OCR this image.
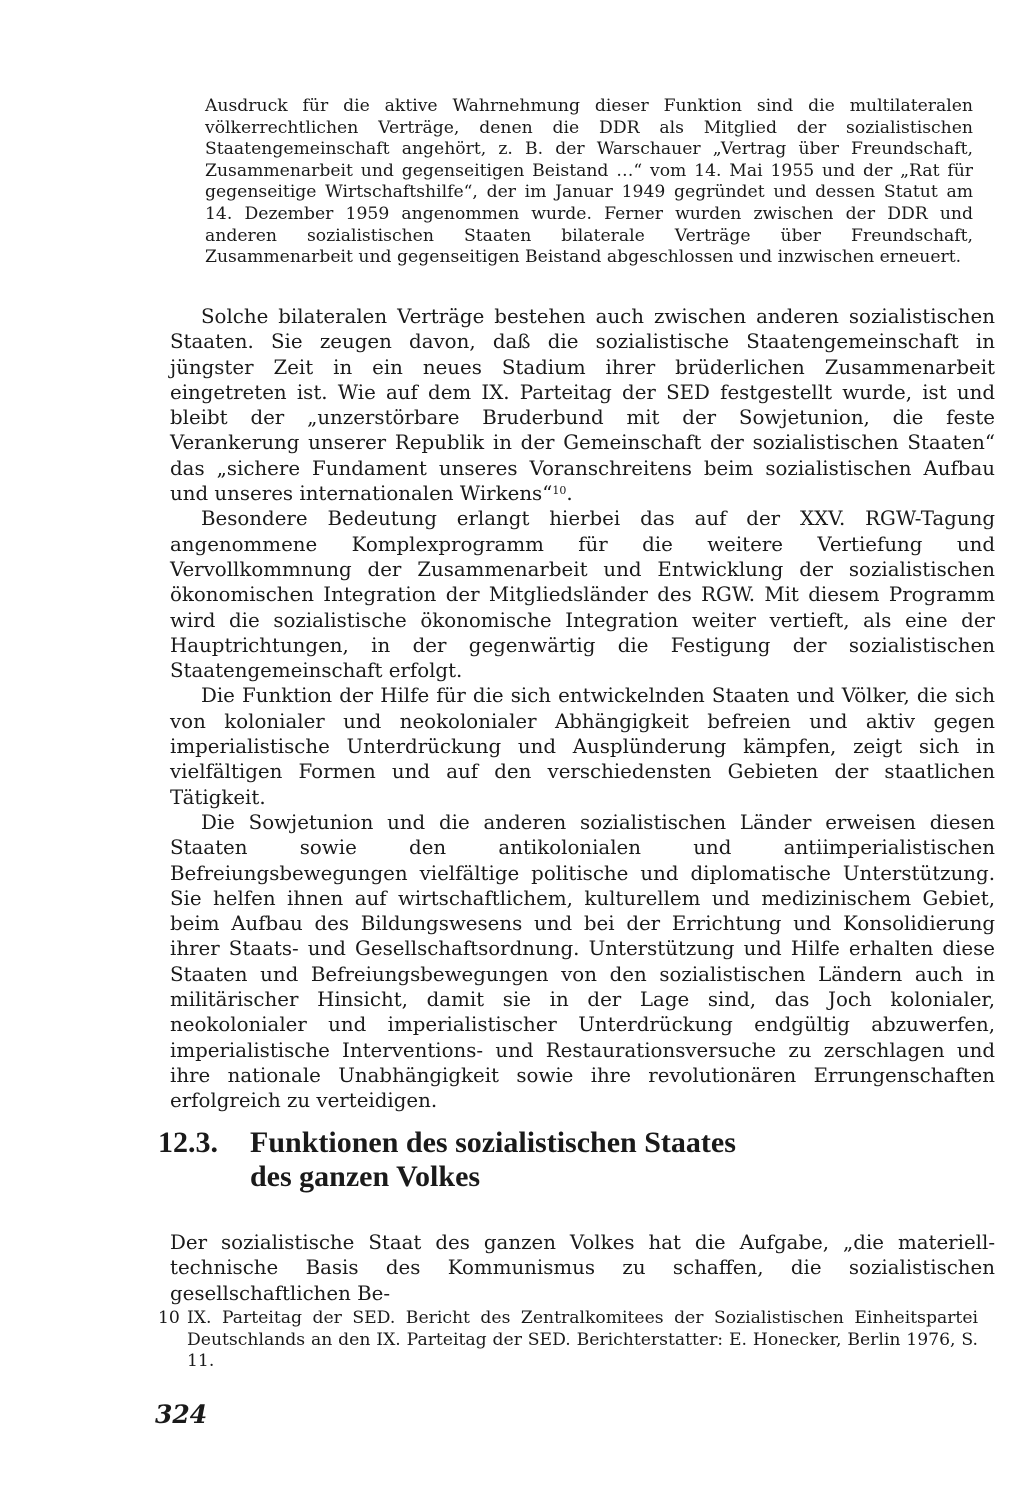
Ausdruck für die aktive Wahrnehmung dieser Funktion sind die multilateralen völkerrechtlichen Verträge, denen die DDR als Mitglied der sozialistischen Staatengemeinschaft angehört, z. B. der Warschauer „Vertrag über Freundschaft, Zusammenarbeit und gegenseitigen Beistand …“ vom 14. Mai 1955 und der „Rat für gegenseitige Wirtschaftshilfe“, der im Januar 1949 gegründet und dessen Statut am 14. Dezember 1959 angenommen wurde. Ferner wurden zwischen der DDR und anderen sozialistischen Staaten bilaterale Verträge über Freundschaft, Zusammenarbeit und gegenseitigen Beistand abgeschlossen und inzwischen erneuert.

Solche bilateralen Verträge bestehen auch zwischen anderen sozialistischen Staaten. Sie zeugen davon, daß die sozialistische Staatengemeinschaft in jüngster Zeit in ein neues Stadium ihrer brüderlichen Zusammenarbeit eingetreten ist. Wie auf dem IX. Parteitag der SED festgestellt wurde, ist und bleibt der „unzerstörbare Bruderbund mit der Sowjetunion, die feste Verankerung unserer Republik in der Gemeinschaft der sozialistischen Staaten“ das „sichere Fundament unseres Voranschreitens beim sozialistischen Aufbau und unseres internationalen Wirkens“$^{10}$.

Besondere Bedeutung erlangt hierbei das auf der XXV. RGW-Tagung angenommene Komplexprogramm für die weitere Vertiefung und Vervollkommnung der Zusammenarbeit und Entwicklung der sozialistischen ökonomischen Integration der Mitgliedsländer des RGW. Mit diesem Programm wird die sozialistische ökonomische Integration weiter vertieft, als eine der Hauptrichtungen, in der gegenwärtig die Festigung der sozialistischen Staatengemeinschaft erfolgt.

Die Funktion der Hilfe für die sich entwickelnden Staaten und Völker, die sich von kolonialer und neokolonialer Abhängigkeit befreien und aktiv gegen imperialistische Unterdrückung und Ausplünderung kämpfen, zeigt sich in vielfältigen Formen und auf den verschiedensten Gebieten der staatlichen Tätigkeit.

Die Sowjetunion und die anderen sozialistischen Länder erweisen diesen Staaten sowie den antikolonialen und antiimperialistischen Befreiungsbewegungen vielfältige politische und diplomatische Unterstützung. Sie helfen ihnen auf wirtschaftlichem, kulturellem und medizinischem Gebiet, beim Aufbau des Bildungswesens und bei der Errichtung und Konsolidierung ihrer Staats- und Gesellschaftsordnung. Unterstützung und Hilfe erhalten diese Staaten und Befreiungsbewegungen von den sozialistischen Ländern auch in militärischer Hinsicht, damit sie in der Lage sind, das Joch kolonialer, neokolonialer und imperialistischer Unterdrückung endgültig abzuwerfen, imperialistische Interventions- und Restaurationsversuche zu zerschlagen und ihre nationale Unabhängigkeit sowie ihre revolutionären Errungenschaften erfolgreich zu verteidigen.

12.3. Funktionen des sozialistischen Staates
des ganzen Volkes

Der sozialistische Staat des ganzen Volkes hat die Aufgabe, „die materiell-technische Basis des Kommunismus zu schaffen, die sozialistischen gesellschaftlichen Be-

10 IX. Parteitag der SED. Bericht des Zentralkomitees der Sozialistischen Einheitspartei Deutschlands an den IX. Parteitag der SED. Berichterstatter: E. Honecker, Berlin 1976, S. 11.

324
